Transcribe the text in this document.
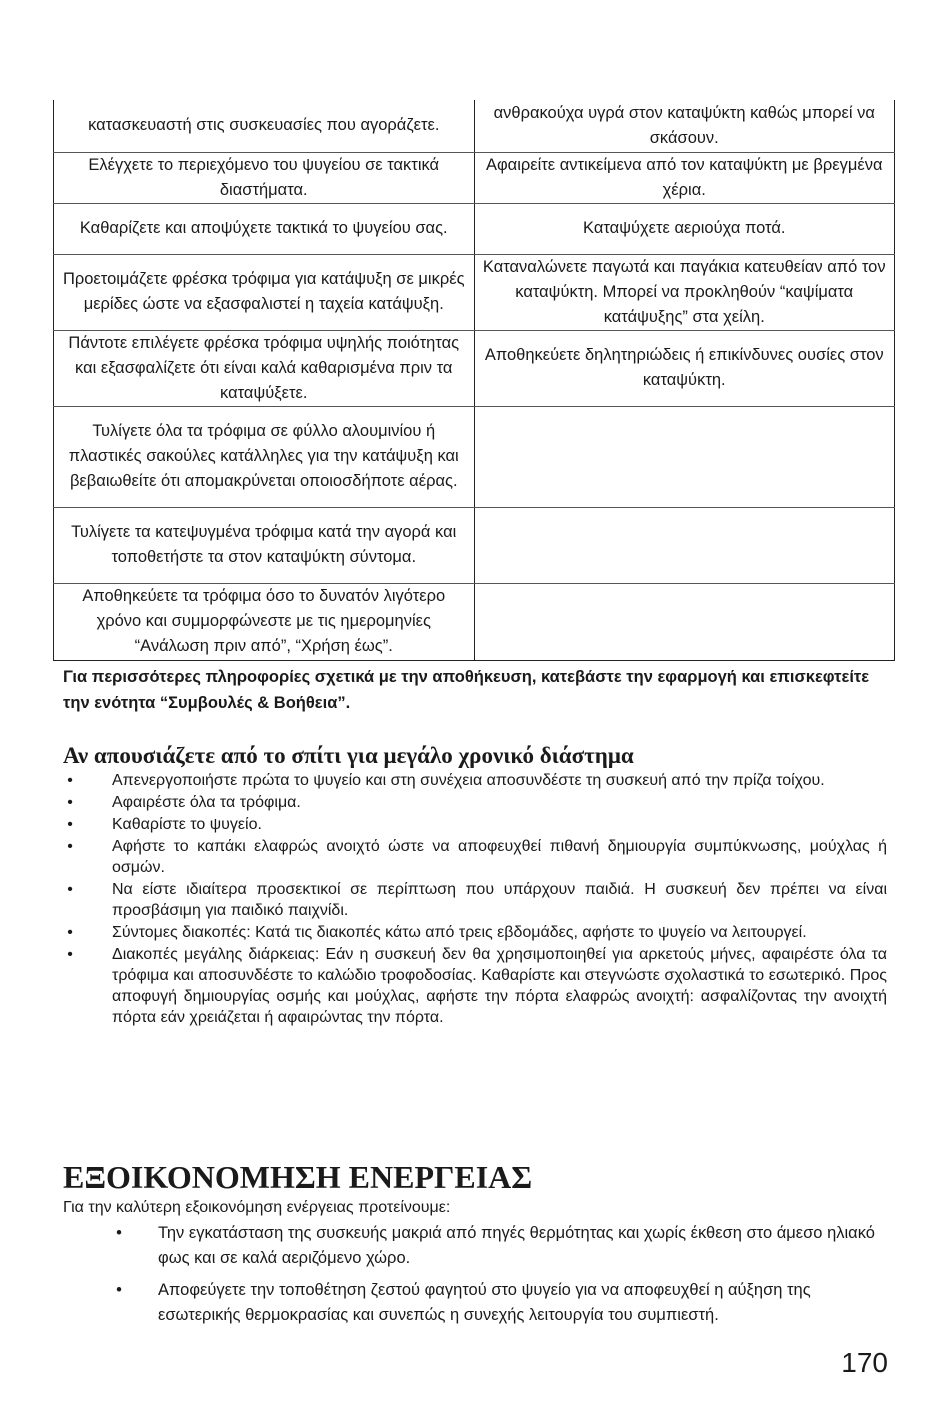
κατασκευαστή στις συσκευασίες που αγοράζετε.	ανθρακούχα υγρά στον καταψύκτη καθώς μπορεί να σκάσουν.
Ελέγχετε το περιεχόμενο του ψυγείου σε τακτικά διαστήματα.	Αφαιρείτε αντικείμενα από τον καταψύκτη με βρεγμένα χέρια.
Καθαρίζετε και αποψύχετε τακτικά το ψυγείου σας.	Καταψύχετε αεριούχα ποτά.
Προετοιμάζετε φρέσκα τρόφιμα για κατάψυξη σε μικρές μερίδες ώστε να εξασφαλιστεί η ταχεία κατάψυξη.	Καταναλώνετε παγωτά και παγάκια κατευθείαν από τον καταψύκτη. Μπορεί να προκληθούν “καψίματα κατάψυξης” στα χείλη.
Πάντοτε επιλέγετε φρέσκα τρόφιμα υψηλής ποιότητας και εξασφαλίζετε ότι είναι καλά καθαρισμένα πριν τα καταψύξετε.	Αποθηκεύετε δηλητηριώδεις ή επικίνδυνες ουσίες στον καταψύκτη.
Τυλίγετε όλα τα τρόφιμα σε φύλλο αλουμινίου ή πλαστικές σακούλες κατάλληλες για την κατάψυξη και βεβαιωθείτε ότι απομακρύνεται οποιοσδήποτε αέρας.	
Τυλίγετε τα κατεψυγμένα τρόφιμα κατά την αγορά και τοποθετήστε τα στον καταψύκτη σύντομα.	
Αποθηκεύετε τα τρόφιμα όσο το δυνατόν λιγότερο χρόνο και συμμορφώνεστε με τις ημερομηνίες “Ανάλωση πριν από”, “Χρήση έως”.	
Για περισσότερες πληροφορίες σχετικά με την αποθήκευση, κατεβάστε την εφαρμογή και επισκεφτείτε την ενότητα “Συμβουλές & Βοήθεια”.
Αν απουσιάζετε από το σπίτι για μεγάλο χρονικό διάστημα
• Απενεργοποιήστε πρώτα το ψυγείο και στη συνέχεια αποσυνδέστε τη συσκευή από την πρίζα τοίχου.
• Αφαιρέστε όλα τα τρόφιμα.
• Καθαρίστε το ψυγείο.
• Αφήστε το καπάκι ελαφρώς ανοιχτό ώστε να αποφευχθεί πιθανή δημιουργία συμπύκνωσης, μούχλας ή οσμών.
• Να είστε ιδιαίτερα προσεκτικοί σε περίπτωση που υπάρχουν παιδιά. Η συσκευή δεν πρέπει να είναι προσβάσιμη για παιδικό παιχνίδι.
• Σύντομες διακοπές: Κατά τις διακοπές κάτω από τρεις εβδομάδες, αφήστε το ψυγείο να λειτουργεί.
• Διακοπές μεγάλης διάρκειας: Εάν η συσκευή δεν θα χρησιμοποιηθεί για αρκετούς μήνες, αφαιρέστε όλα τα τρόφιμα και αποσυνδέστε το καλώδιο τροφοδοσίας. Καθαρίστε και στεγνώστε σχολαστικά το εσωτερικό. Προς αποφυγή δημιουργίας οσμής και μούχλας, αφήστε την πόρτα ελαφρώς ανοιχτή: ασφαλίζοντας την ανοιχτή πόρτα εάν χρειάζεται ή αφαιρώντας την πόρτα.
ΕΞΟΙΚΟΝΟΜΗΣΗ ΕΝΕΡΓΕΙΑΣ
Για την καλύτερη εξοικονόμηση ενέργειας προτείνουμε:
• Την εγκατάσταση της συσκευής μακριά από πηγές θερμότητας και χωρίς έκθεση στο άμεσο ηλιακό φως και σε καλά αεριζόμενο χώρο.
• Αποφεύγετε την τοποθέτηση ζεστού φαγητού στο ψυγείο για να αποφευχθεί η αύξηση της εσωτερικής θερμοκρασίας και συνεπώς η συνεχής λειτουργία του συμπιεστή.
170
